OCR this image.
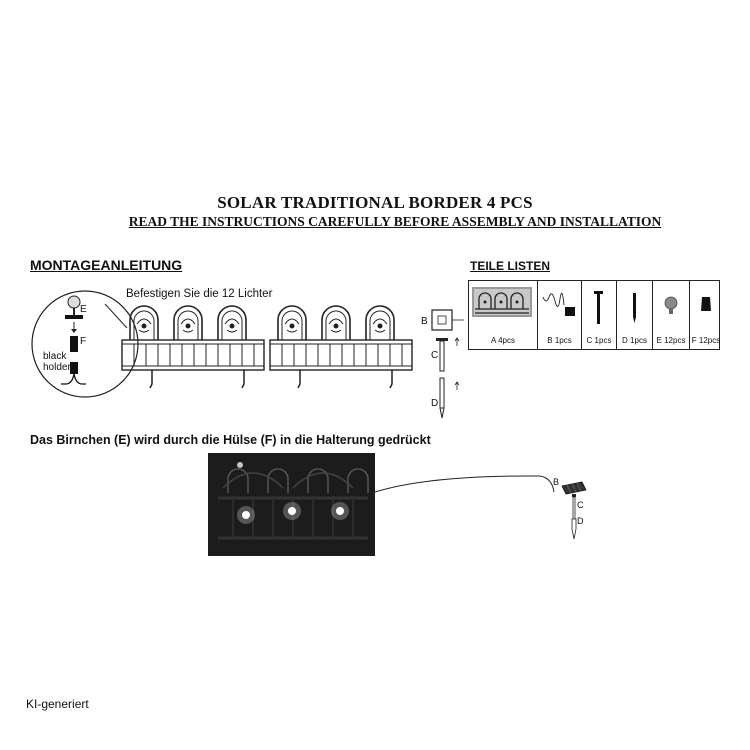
SOLAR TRADITIONAL BORDER 4 PCS
READ THE INSTRUCTIONS CAREFULLY BEFORE ASSEMBLY AND INSTALLATION
MONTAGEANLEITUNG	TEILE LISTEN
A 4pcs	B 1pcs	C 1pcs	D 1pcs	E 12pcs F 12pcs
E
F
black
holder
Befestigen Sie die 12 Lichter
B
C
D
Das Birnchen (E) wird durch die Hülse (F) in die Halterung gedrückt
B
C
D
KI-generiert
